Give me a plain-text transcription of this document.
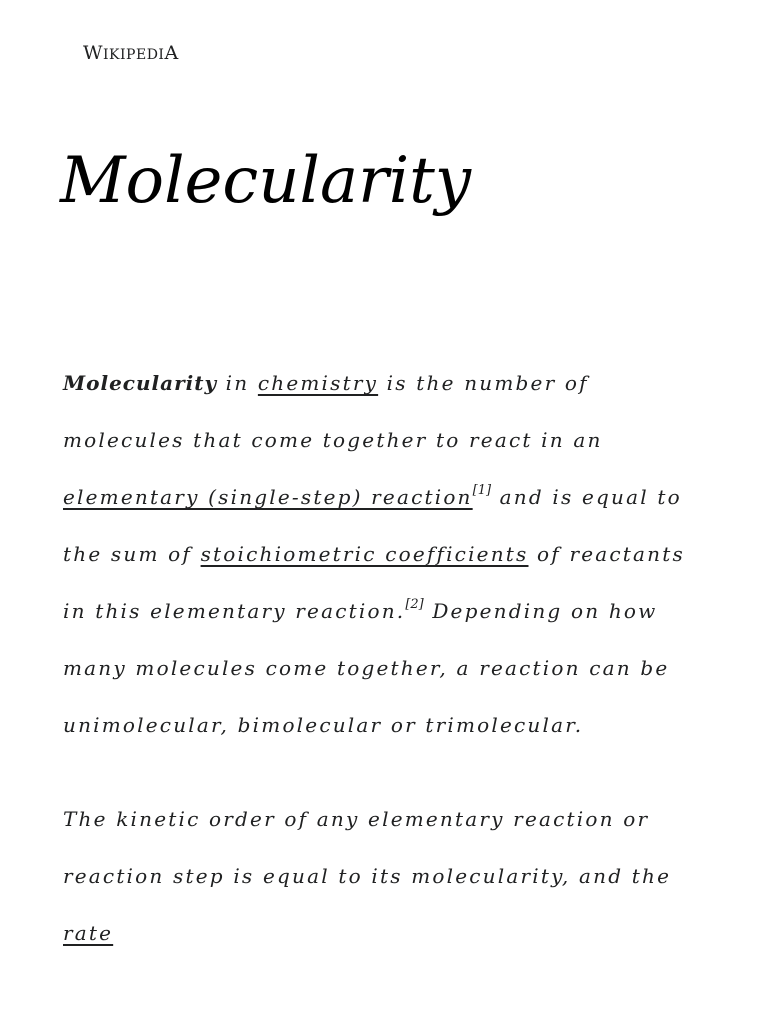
WIKIPEDIA
Molecularity

Molecularity in chemistry is the number of molecules that come together to react in an elementary (single-step) reaction[1] and is equal to the sum of stoichiometric coefficients of reactants in this elementary reaction.[2] Depending on how many molecules come together, a reaction can be unimolecular, bimolecular or trimolecular.

The kinetic order of any elementary reaction or reaction step is equal to its molecularity, and the rate
